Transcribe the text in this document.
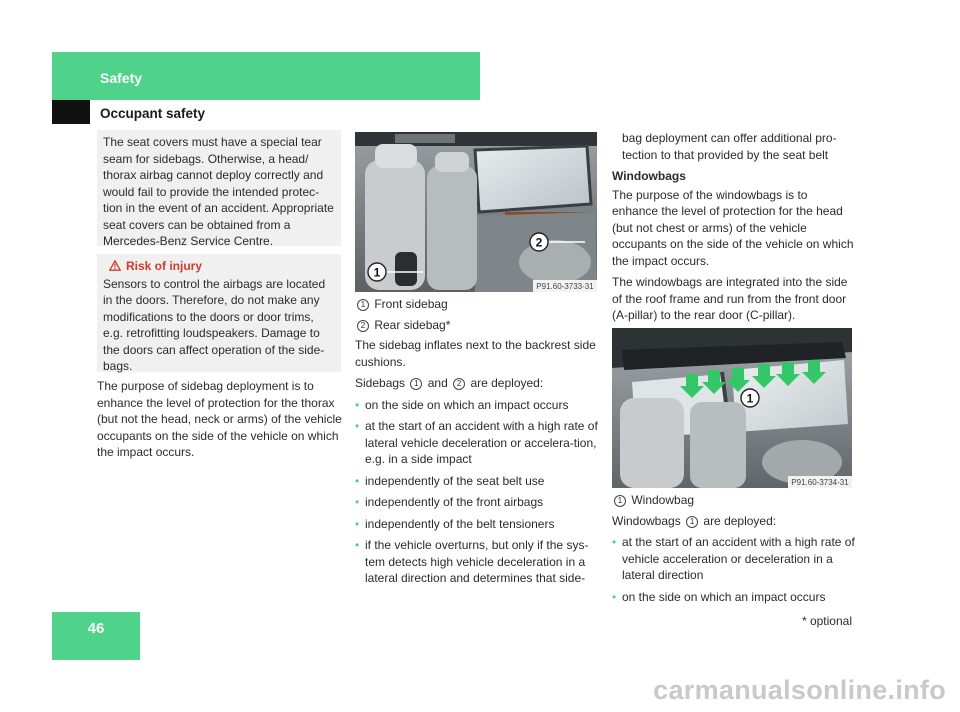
Safety
Occupant safety
The seat covers must have a special tear seam for sidebags. Otherwise, a head/ thorax airbag cannot deploy correctly and would fail to provide the intended protec-tion in the event of an accident. Appropriate seat covers can be obtained from a Mercedes-Benz Service Centre.
Risk of injury
Sensors to control the airbags are located in the doors. Therefore, do not make any modifications to the doors or door trims, e.g. retrofitting loudspeakers. Damage to the doors can affect operation of the side-bags.

The purpose of sidebag deployment is to enhance the level of protection for the thorax (but not the head, neck or arms) of the vehicle occupants on the side of the vehicle on which the impact occurs.

1
2
P91.60-3733-31
1 Front sidebag
2 Rear sidebag*

The sidebag inflates next to the backrest side cushions.

Sidebags 1 and 2 are deployed:

• on the side on which an impact occurs
• at the start of an accident with a high rate of lateral vehicle deceleration or accelera-tion, e.g. in a side impact
• independently of the seat belt use
• independently of the front airbags
• independently of the belt tensioners
• if the vehicle overturns, but only if the sys-tem detects high vehicle deceleration in a lateral direction and determines that side-

bag deployment can offer additional pro-tection to that provided by the seat belt

Windowbags

The purpose of the windowbags is to enhance the level of protection for the head (but not chest or arms) of the vehicle occupants on the side of the vehicle on which the impact occurs.

The windowbags are integrated into the side of the roof frame and run from the front door (A-pillar) to the rear door (C-pillar).

1
P91.60-3734-31
1 Windowbag

Windowbags 1 are deployed:

• at the start of an accident with a high rate of vehicle acceleration or deceleration in a lateral direction
• on the side on which an impact occurs
46	* optional
carmanualsonline.info
